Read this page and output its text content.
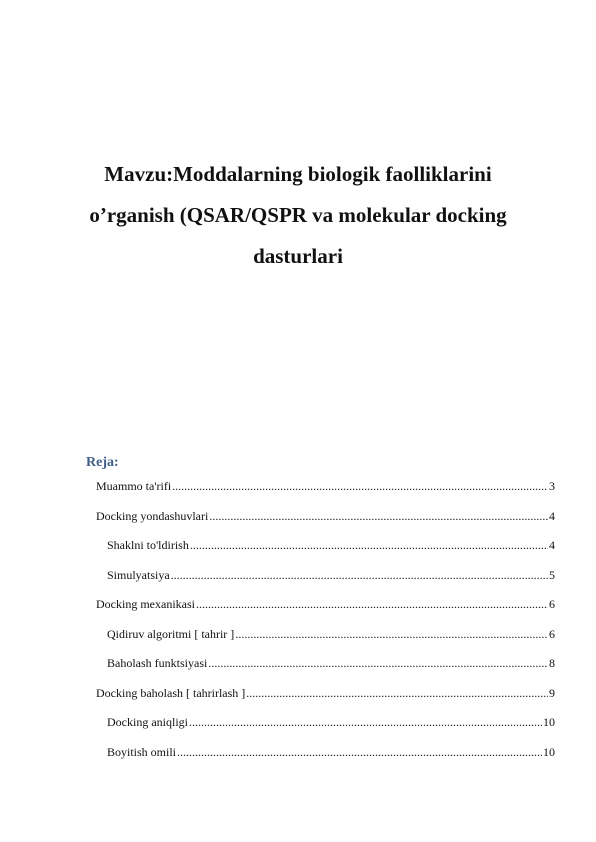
Mavzu:Moddalarning biologik faolliklarini
o’rganish (QSAR/QSPR va molekular docking
dasturlari
Reja:
Muammo ta'rifi .....	3
Docking yondashuvlari .....	4
Shaklni to'ldirish .....	4
Simulyatsiya .....	5
Docking mexanikasi .....	6
Qidiruv algoritmi [ tahrir ] .....	6
Baholash funktsiyasi .....	8
Docking baholash [ tahrirlash ] .....	9
Docking aniqligi .....	10
Boyitish omili .....	10
